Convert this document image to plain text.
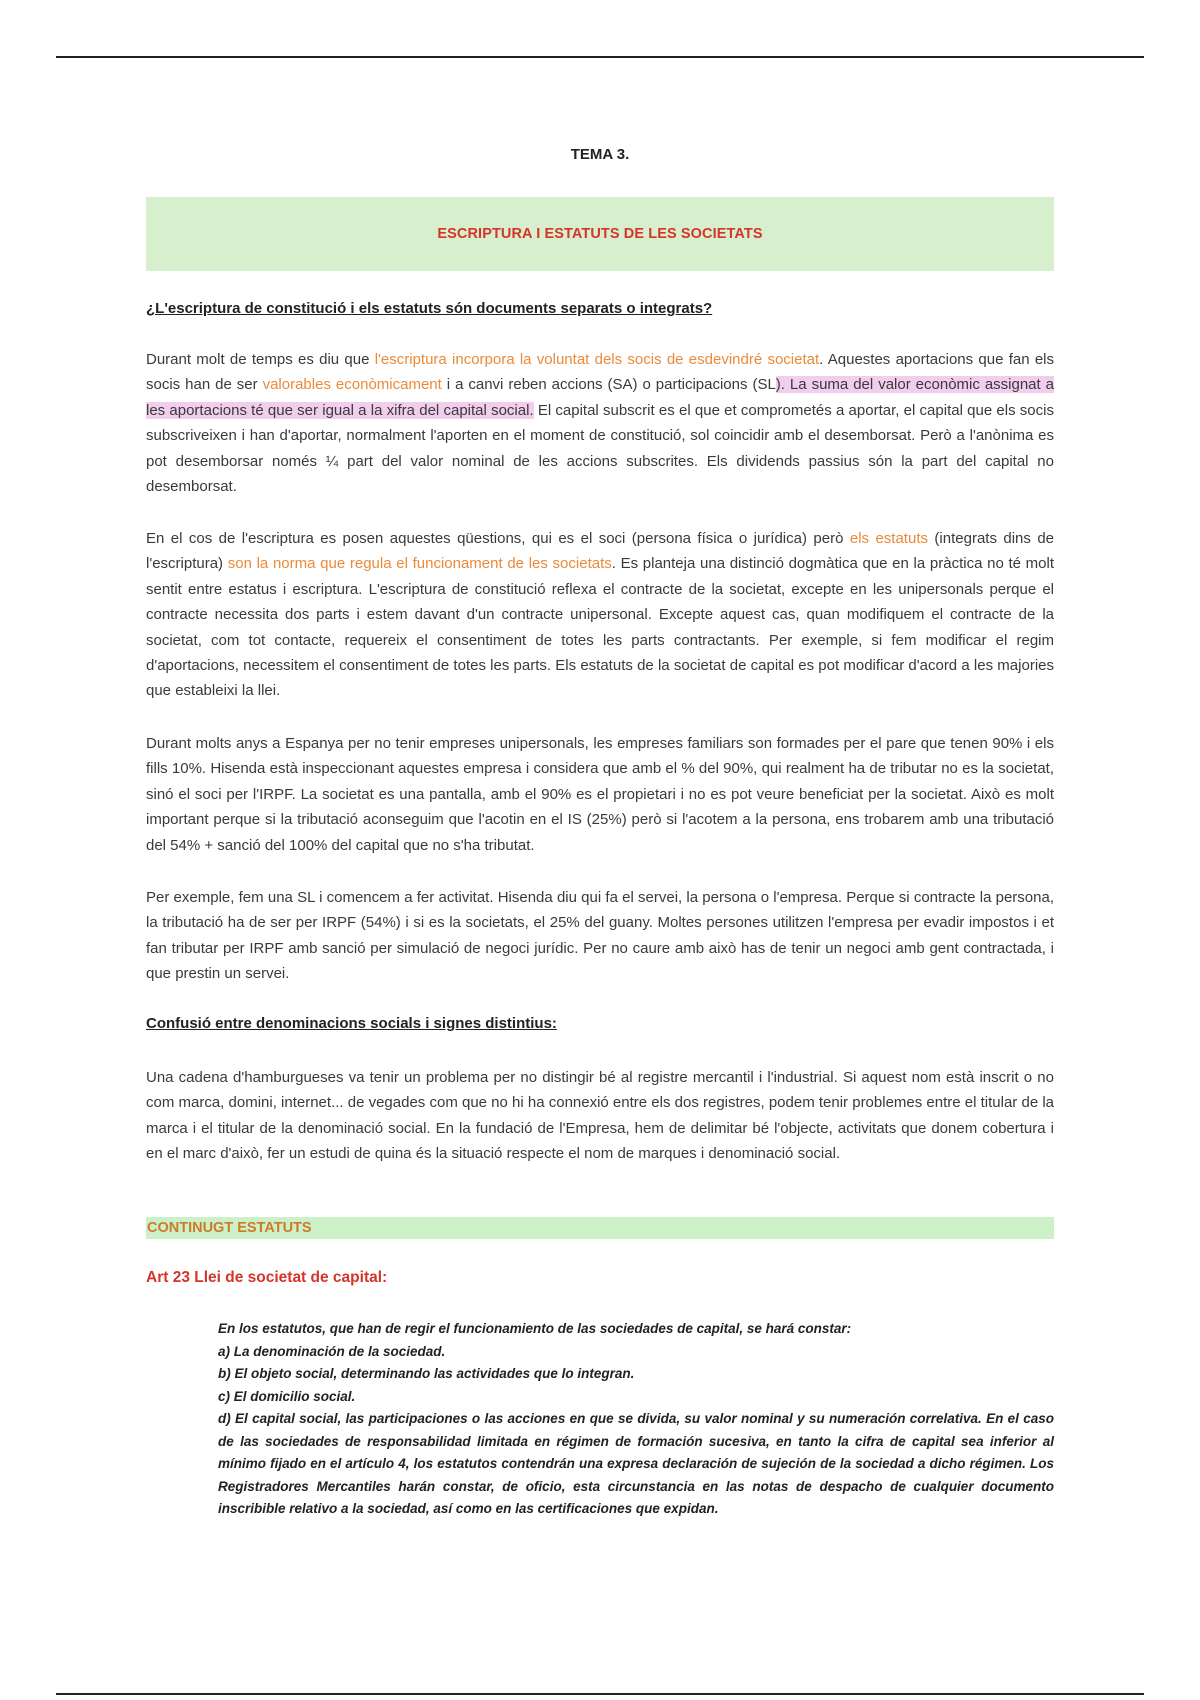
TEMA 3.
ESCRIPTURA I ESTATUTS DE LES SOCIETATS
¿L'escriptura de constitució i els estatuts són documents separats o integrats?
Durant molt de temps es diu que l'escriptura incorpora la voluntat dels socis de esdevindré societat. Aquestes aportacions que fan els socis han de ser valorables econòmicament i a canvi reben accions (SA) o participacions (SL). La suma del valor econòmic assignat a les aportacions té que ser igual a la xifra del capital social. El capital subscrit es el que et comprometés a aportar, el capital que els socis subscriveixen i han d'aportar, normalment l'aporten en el moment de constitució, sol coincidir amb el desemborsat. Però a l'anònima es pot desemborsar només ¼ part del valor nominal de les accions subscrites. Els dividends passius són la part del capital no desemborsat.
En el cos de l'escriptura es posen aquestes qüestions, qui es el soci (persona física o jurídica) però els estatuts (integrats dins de l'escriptura) son la norma que regula el funcionament de les societats. Es planteja una distinció dogmàtica que en la pràctica no té molt sentit entre estatus i escriptura. L'escriptura de constitució reflexa el contracte de la societat, excepte en les unipersonals perque el contracte necessita dos parts i estem davant d'un contracte unipersonal. Excepte aquest cas, quan modifiquem el contracte de la societat, com tot contacte, requereix el consentiment de totes les parts contractants. Per exemple, si fem modificar el regim d'aportacions, necessitem el consentiment de totes les parts. Els estatuts de la societat de capital es pot modificar d'acord a les majories que estableixi la llei.
Durant molts anys a Espanya per no tenir empreses unipersonals, les empreses familiars son formades per el pare que tenen 90% i els fills 10%. Hisenda està inspeccionant aquestes empresa i considera que amb el % del 90%, qui realment ha de tributar no es la societat, sinó el soci per l'IRPF. La societat es una pantalla, amb el 90% es el propietari i no es pot veure beneficiat per la societat. Això es molt important perque si la tributació aconseguim que l'acotin en el IS (25%) però si l'acotem a la persona, ens trobarem amb una tributació del 54% + sanció del 100% del capital que no s'ha tributat.
Per exemple, fem una SL i comencem a fer activitat. Hisenda diu qui fa el servei, la persona o l'empresa. Perque si contracte la persona, la tributació ha de ser per IRPF (54%) i si es la societats, el 25% del guany. Moltes persones utilitzen l'empresa per evadir impostos i et fan tributar per IRPF amb sanció per simulació de negoci jurídic. Per no caure amb això has de tenir un negoci amb gent contractada, i que prestin un servei.
Confusió entre denominacions socials i signes distintius:
Una cadena d'hamburgueses va tenir un problema per no distingir bé al registre mercantil i l'industrial. Si aquest nom està inscrit o no com marca, domini, internet... de vegades com que no hi ha connexió entre els dos registres, podem tenir problemes entre el titular de la marca i el titular de la denominació social. En la fundació de l'Empresa, hem de delimitar bé l'objecte, activitats que donem cobertura i en el marc d'això, fer un estudi de quina és la situació respecte el nom de marques i denominació social.
CONTINUGT ESTATUTS
Art 23 Llei de societat de capital:

En los estatutos, que han de regir el funcionamiento de las sociedades de capital, se hará constar:

a) La denominación de la sociedad.

b) El objeto social, determinando las actividades que lo integran.

c) El domicilio social.

d) El capital social, las participaciones o las acciones en que se divida, su valor nominal y su numeración correlativa. En el caso de las sociedades de responsabilidad limitada en régimen de formación sucesiva, en tanto la cifra de capital sea inferior al mínimo fijado en el artículo 4, los estatutos contendrán una expresa declaración de sujeción de la sociedad a dicho régimen. Los Registradores Mercantiles harán constar, de oficio, esta circunstancia en las notas de despacho de cualquier documento inscribible relativo a la sociedad, así como en las certificaciones que expidan.
